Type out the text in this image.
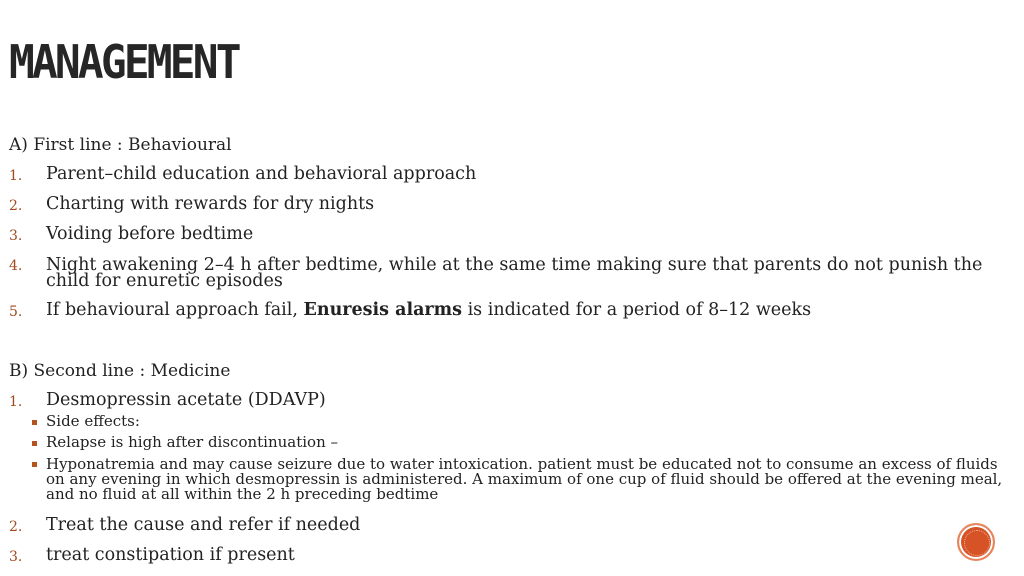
MANAGEMENT
A) First line : Behavioural
1. Parent–child education and behavioral approach
2. Charting with rewards for dry nights
3. Voiding before bedtime
4. Night awakening 2–4 h after bedtime, while at the same time making sure that parents do not punish the child for enuretic episodes
5. If behavioural approach fail, Enuresis alarms is indicated for a period of 8–12 weeks
B) Second line : Medicine
1. Desmopressin acetate (DDAVP)
Side effects:
Relapse is high after discontinuation –
Hyponatremia and may cause seizure due to water intoxication. patient must be educated not to consume an excess of fluids on any evening in which desmopressin is administered. A maximum of one cup of fluid should be offered at the evening meal, and no fluid at all within the 2 h preceding bedtime
2. Treat the cause and refer if needed
3. treat constipation if present
